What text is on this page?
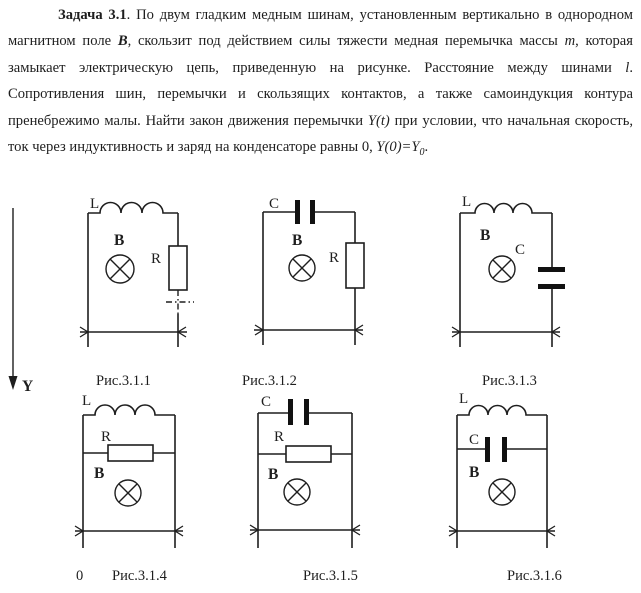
Задача 3.1. По двум гладким медным шинам, установленным вертикально в однородном магнитном поле B, скользит под действием силы тяжести медная перемычка массы m, которая замыкает электрическую цепь, приведенную на рисунке. Расстояние между шинами l. Сопротивления шин, перемычки и скользящих контактов, а также самоиндукция контура пренебрежимо малы. Найти закон движения перемычки Y(t) при условии, что начальная скорость, ток через индуктивность и заряд на конденсаторе равны 0, $Y(0)=Y_0$.

Y
L
B
R
C
B
R
L
B
C
L
R
B
C
R
B
L
C
B
Рис.3.1.1	Рис.3.1.2	Рис.3.1.3
0 Рис.3.1.4	Рис.3.1.5	Рис.3.1.6
